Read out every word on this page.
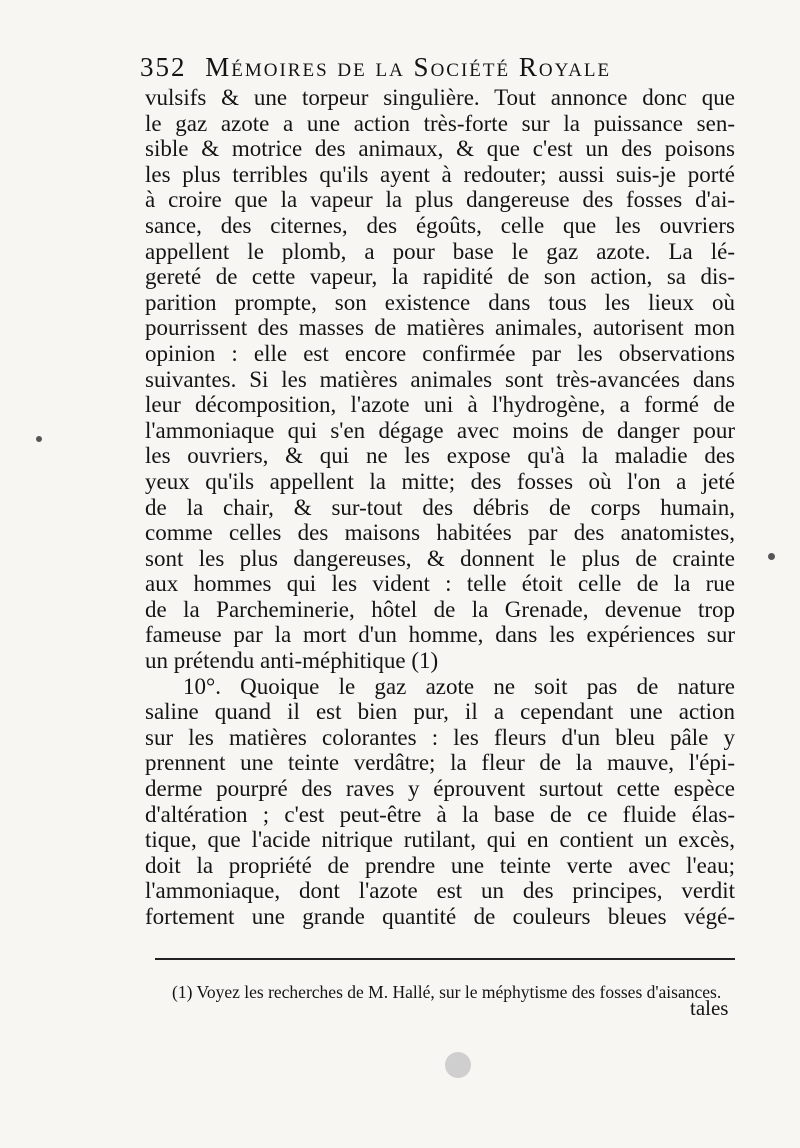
352 Mémoires de la Société Royale
vulsifs & une torpeur singulière. Tout annonce donc que
le gaz azote a une action très-forte sur la puissance sen-
sible & motrice des animaux, & que c'est un des poisons
les plus terribles qu'ils ayent à redouter; aussi suis-je porté
à croire que la vapeur la plus dangereuse des fosses d'ai-
sance, des citernes, des égoûts, celle que les ouvriers
appellent le plomb, a pour base le gaz azote. La lé-
gereté de cette vapeur, la rapidité de son action, sa dis-
parition prompte, son existence dans tous les lieux où
pourrissent des masses de matières animales, autorisent mon
opinion : elle est encore confirmée par les observations
suivantes. Si les matières animales sont très-avancées dans
leur décomposition, l'azote uni à l'hydrogène, a formé de
l'ammoniaque qui s'en dégage avec moins de danger pour
les ouvriers, & qui ne les expose qu'à la maladie des
yeux qu'ils appellent la mitte; des fosses où l'on a jeté
de la chair, & sur-tout des débris de corps humain,
comme celles des maisons habitées par des anatomistes,
sont les plus dangereuses, & donnent le plus de crainte
aux hommes qui les vident : telle étoit celle de la rue
de la Parcheminerie, hôtel de la Grenade, devenue trop
fameuse par la mort d'un homme, dans les expériences sur
un prétendu anti-méphitique (1)
10°. Quoique le gaz azote ne soit pas de nature
saline quand il est bien pur, il a cependant une action
sur les matières colorantes : les fleurs d'un bleu pâle y
prennent une teinte verdâtre; la fleur de la mauve, l'épi-
derme pourpré des raves y éprouvent surtout cette espèce
d'altération ; c'est peut-être à la base de ce fluide élas-
tique, que l'acide nitrique rutilant, qui en contient un excès,
doit la propriété de prendre une teinte verte avec l'eau;
l'ammoniaque, dont l'azote est un des principes, verdit
fortement une grande quantité de couleurs bleues végé-
(1) Voyez les recherches de M. Hallé, sur le méphytisme des fosses d'aisances.
tales
